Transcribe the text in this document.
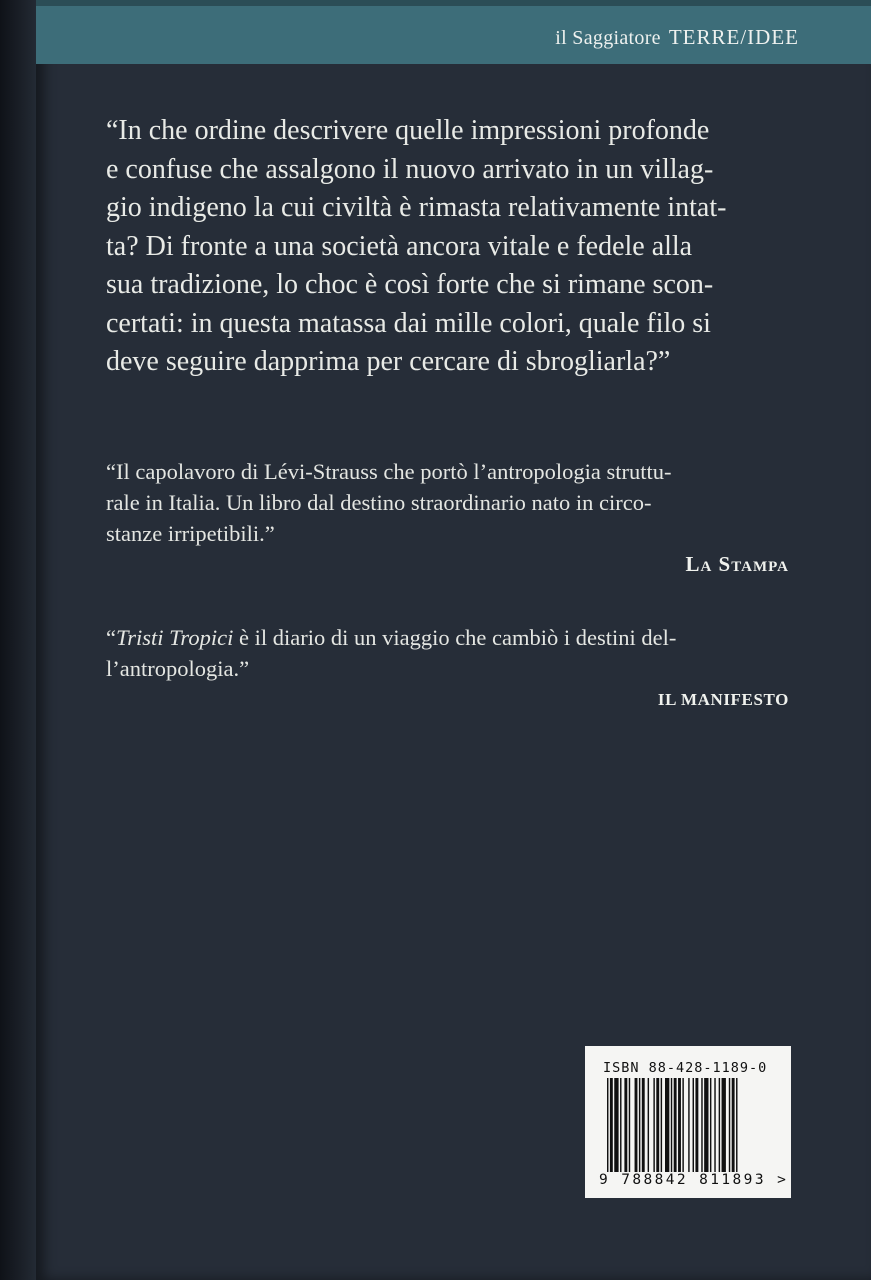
il Saggiatore TERRE/IDEE
“In che ordine descrivere quelle impressioni profonde
e confuse che assalgono il nuovo arrivato in un villag-
gio indigeno la cui civiltà è rimasta relativamente intat-
ta? Di fronte a una società ancora vitale e fedele alla
sua tradizione, lo choc è così forte che si rimane scon-
certati: in questa matassa dai mille colori, quale filo si
deve seguire dapprima per cercare di sbrogliarla?”
“Il capolavoro di Lévi-Strauss che portò l’antropologia struttu-
rale in Italia. Un libro dal destino straordinario nato in circo-
stanze irripetibili.”
La Stampa
“Tristi Tropici è il diario di un viaggio che cambiò i destini del-
l’antropologia.”
IL MANIFESTO
ISBN 88-428-1189-0
9 788842 811893 >
